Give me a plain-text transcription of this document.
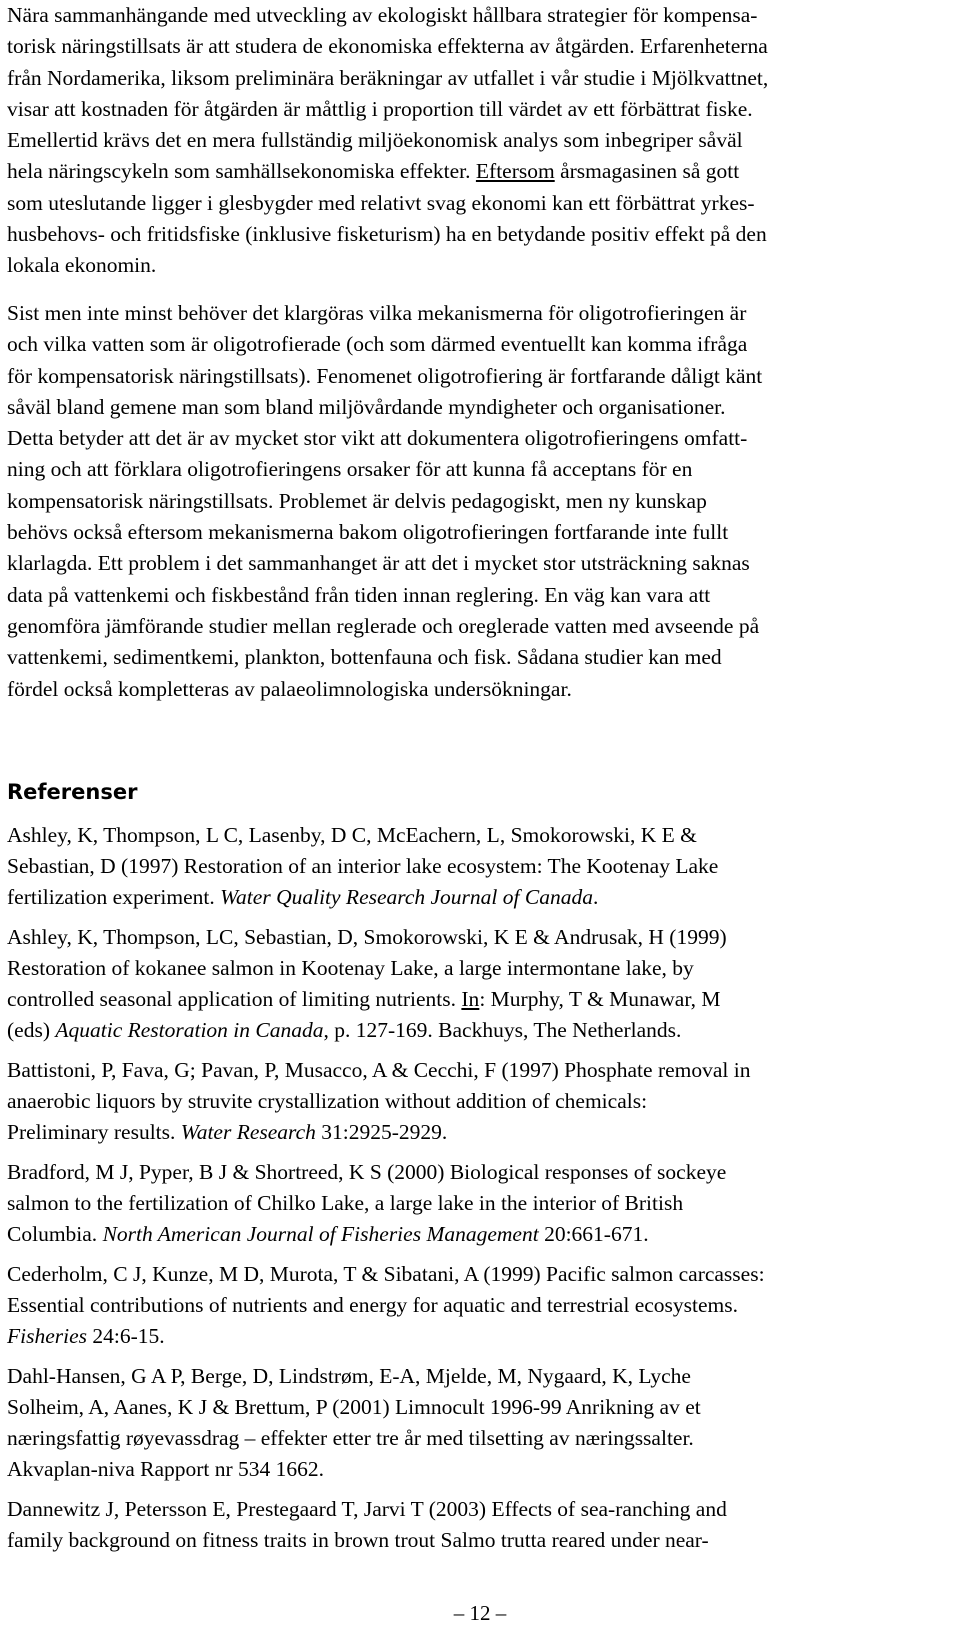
Nära sammanhängande med utveckling av ekologiskt hållbara strategier för kompensa-
torisk näringstillsats är att studera de ekonomiska effekterna av åtgärden. Erfarenheterna
från Nordamerika, liksom preliminära beräkningar av utfallet i vår studie i Mjölkvattnet,
visar att kostnaden för åtgärden är måttlig i proportion till värdet av ett förbättrat fiske.
Emellertid krävs det en mera fullständig miljöekonomisk analys som inbegriper såväl
hela näringscykeln som samhällsekonomiska effekter. Eftersom årsmagasinen så gott
som uteslutande ligger i glesbygder med relativt svag ekonomi kan ett förbättrat yrkes-
husbehovs- och fritidsfiske (inklusive fisketurism) ha en betydande positiv effekt på den
lokala ekonomin.
Sist men inte minst behöver det klargöras vilka mekanismerna för oligotrofieringen är
och vilka vatten som är oligotrofierade (och som därmed eventuellt kan komma ifråga
för kompensatorisk näringstillsats). Fenomenet oligotrofiering är fortfarande dåligt känt
såväl bland gemene man som bland miljövårdande myndigheter och organisationer.
Detta betyder att det är av mycket stor vikt att dokumentera oligotrofieringens omfatt-
ning och att förklara oligotrofieringens orsaker för att kunna få acceptans för en
kompensatorisk näringstillsats. Problemet är delvis pedagogiskt, men ny kunskap
behövs också eftersom mekanismerna bakom oligotrofieringen fortfarande inte fullt
klarlagda. Ett problem i det sammanhanget är att det i mycket stor utsträckning saknas
data på vattenkemi och fiskbestånd från tiden innan reglering. En väg kan vara att
genomföra jämförande studier mellan reglerade och oreglerade vatten med avseende på
vattenkemi, sedimentkemi, plankton, bottenfauna och fisk. Sådana studier kan med
fördel också kompletteras av palaeolimnologiska undersökningar.
Referenser
Ashley, K, Thompson, L C, Lasenby, D C, McEachern, L, Smokorowski, K E &
Sebastian, D (1997) Restoration of an interior lake ecosystem: The Kootenay Lake
fertilization experiment. Water Quality Research Journal of Canada.
Ashley, K, Thompson, LC, Sebastian, D, Smokorowski, K E & Andrusak, H (1999)
Restoration of kokanee salmon in Kootenay Lake, a large intermontane lake, by
controlled seasonal application of limiting nutrients. In: Murphy, T & Munawar, M
(eds) Aquatic Restoration in Canada, p. 127-169. Backhuys, The Netherlands.
Battistoni, P, Fava, G; Pavan, P, Musacco, A & Cecchi, F (1997) Phosphate removal in
anaerobic liquors by struvite crystallization without addition of chemicals:
Preliminary results. Water Research 31:2925-2929.
Bradford, M J, Pyper, B J & Shortreed, K S (2000) Biological responses of sockeye
salmon to the fertilization of Chilko Lake, a large lake in the interior of British
Columbia. North American Journal of Fisheries Management 20:661-671.
Cederholm, C J, Kunze, M D, Murota, T & Sibatani, A (1999) Pacific salmon carcasses:
Essential contributions of nutrients and energy for aquatic and terrestrial ecosystems.
Fisheries 24:6-15.
Dahl-Hansen, G A P, Berge, D, Lindstrøm, E-A, Mjelde, M, Nygaard, K, Lyche
Solheim, A, Aanes, K J & Brettum, P (2001) Limnocult 1996-99 Anrikning av et
næringsfattig røyevassdrag – effekter etter tre år med tilsetting av næringssalter.
Akvaplan-niva Rapport nr 534 1662.
Dannewitz J, Petersson E, Prestegaard T, Jarvi T (2003) Effects of sea-ranching and
family background on fitness traits in brown trout Salmo trutta reared under near-
– 12 –
